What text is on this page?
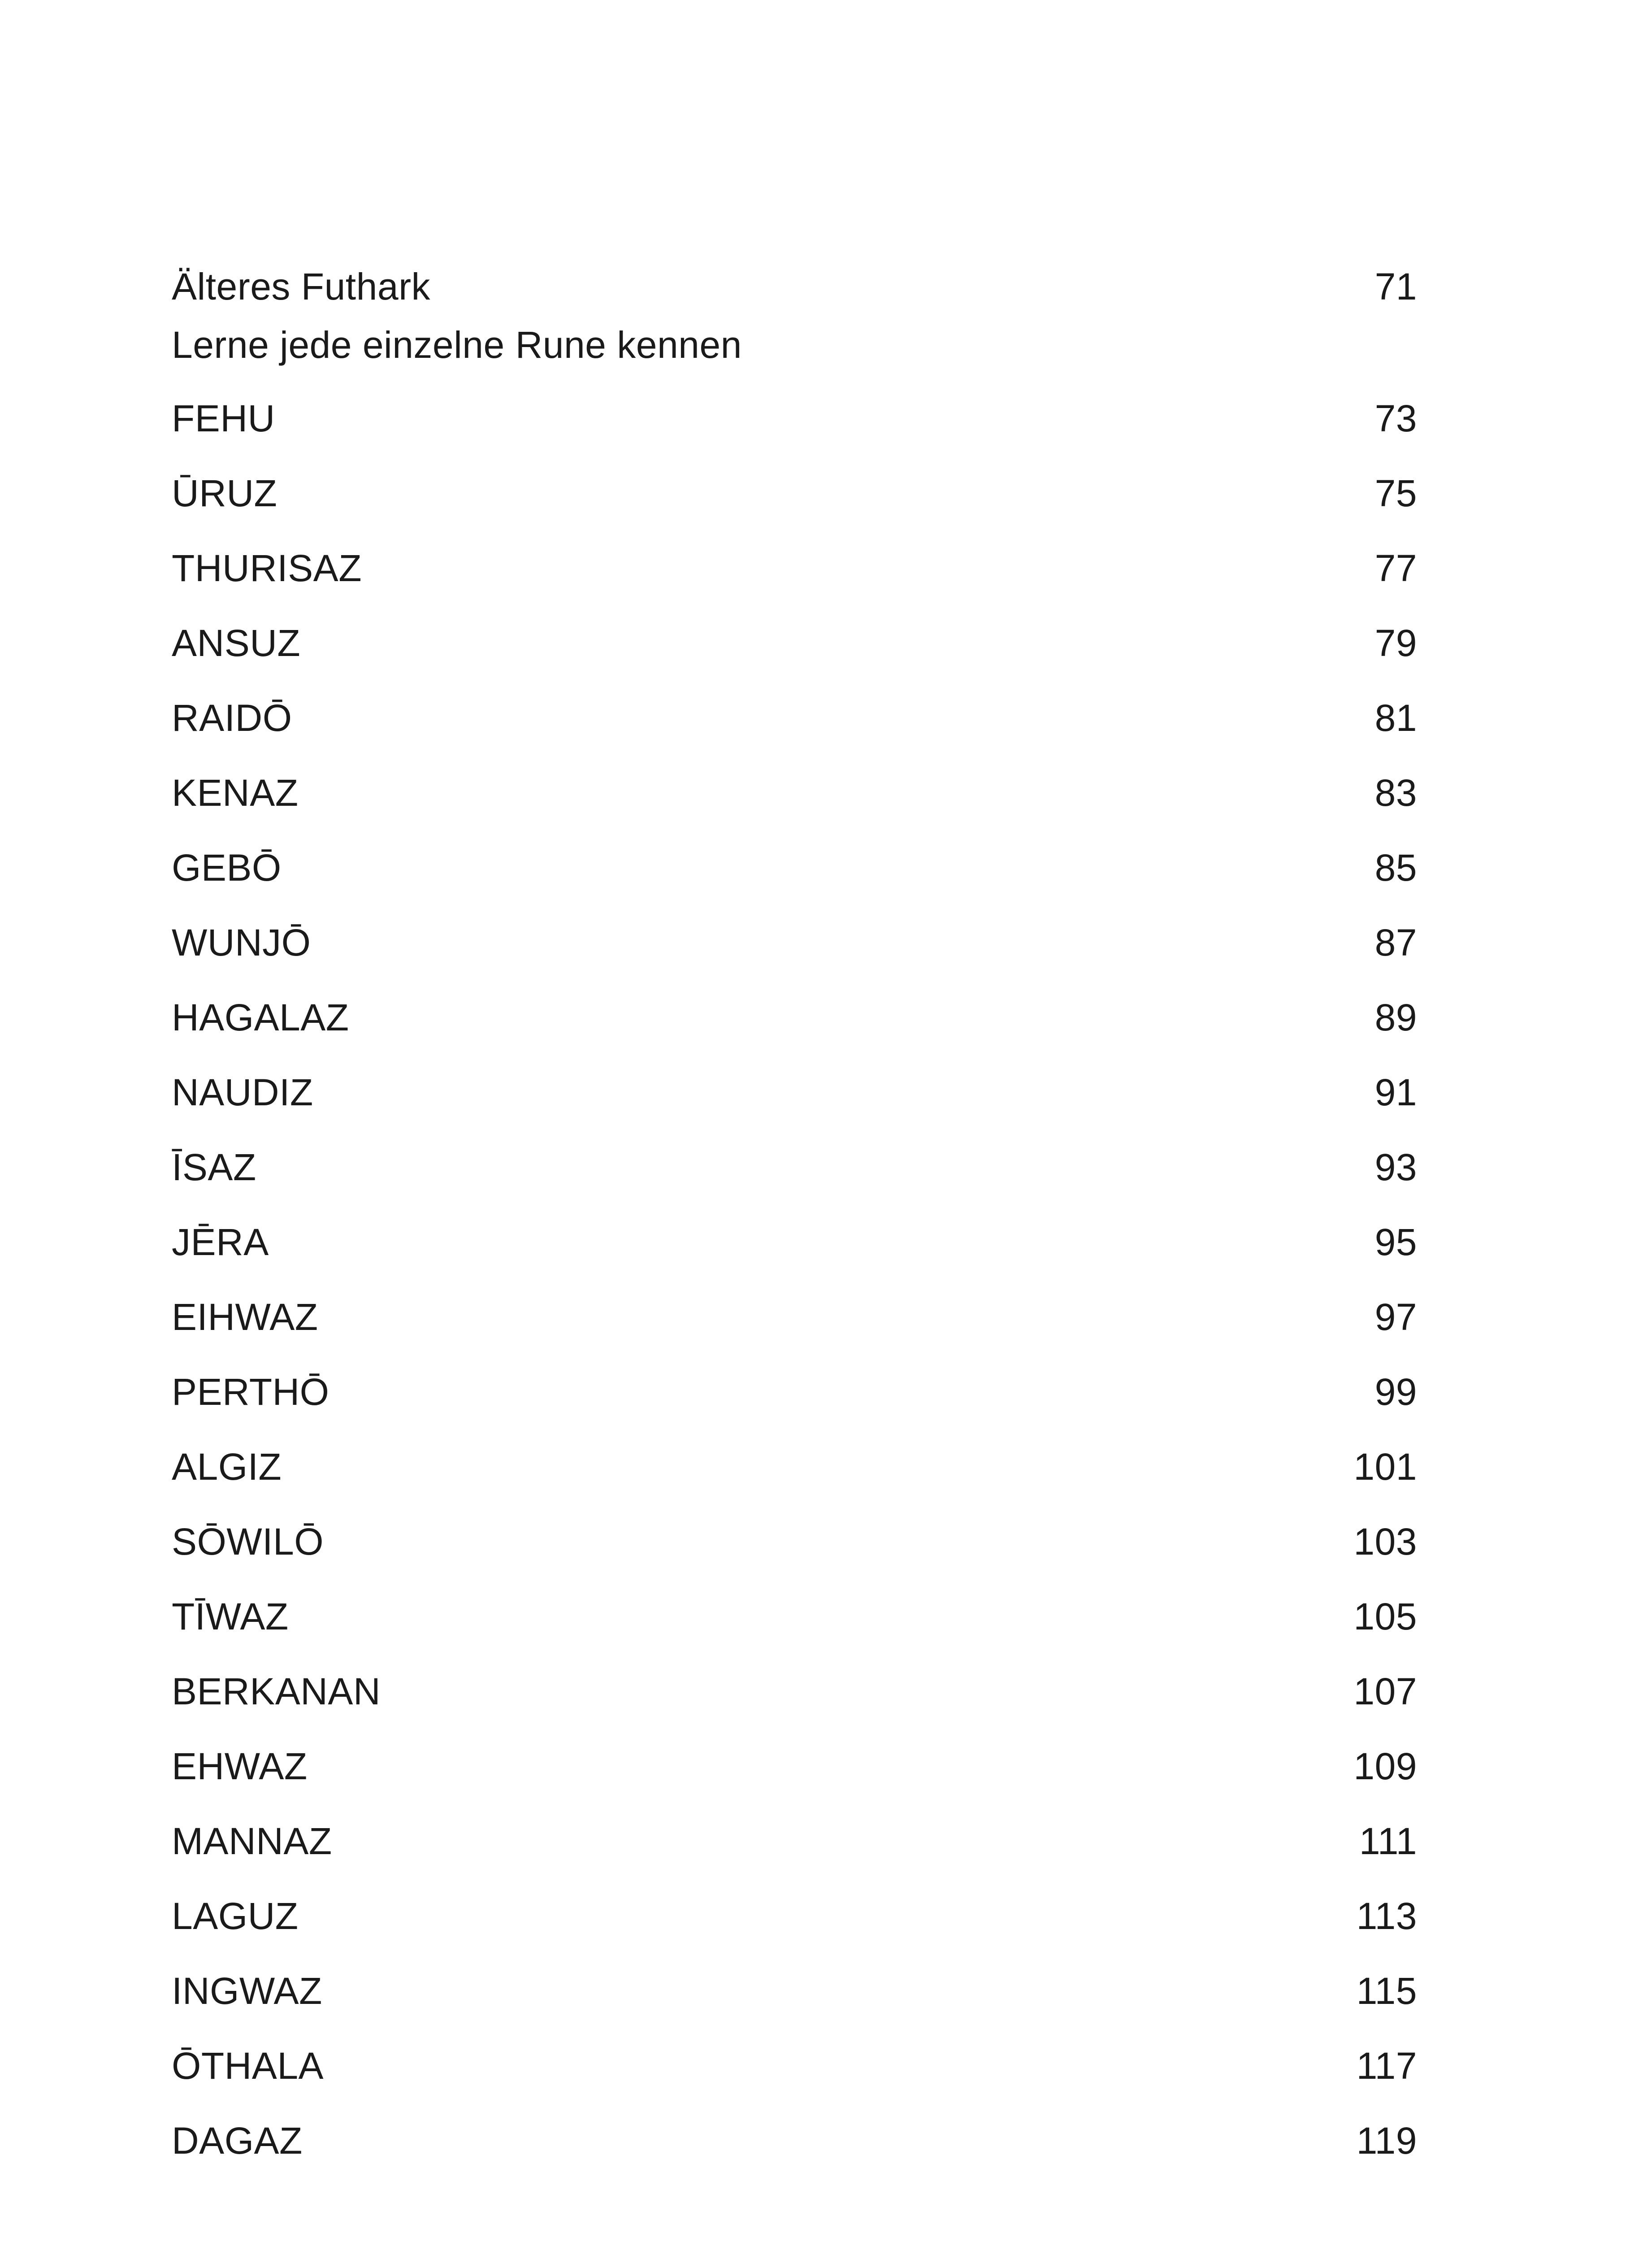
Älteres Futhark	71
Lerne jede einzelne Rune kennen
FEHU	73
ŪRUZ	75
THURISAZ	77
ANSUZ	79
RAIDŌ	81
KENAZ	83
GEBŌ	85
WUNJŌ	87
HAGALAZ	89
NAUDIZ	91
ĪSAZ	93
JĒRA	95
EIHWAZ	97
PERTHŌ	99
ALGIZ	101
SŌWILŌ	103
TĪWAZ	105
BERKANAN	107
EHWAZ	109
MANNAZ	111
LAGUZ	113
INGWAZ	115
ŌTHALA	117
DAGAZ	119
